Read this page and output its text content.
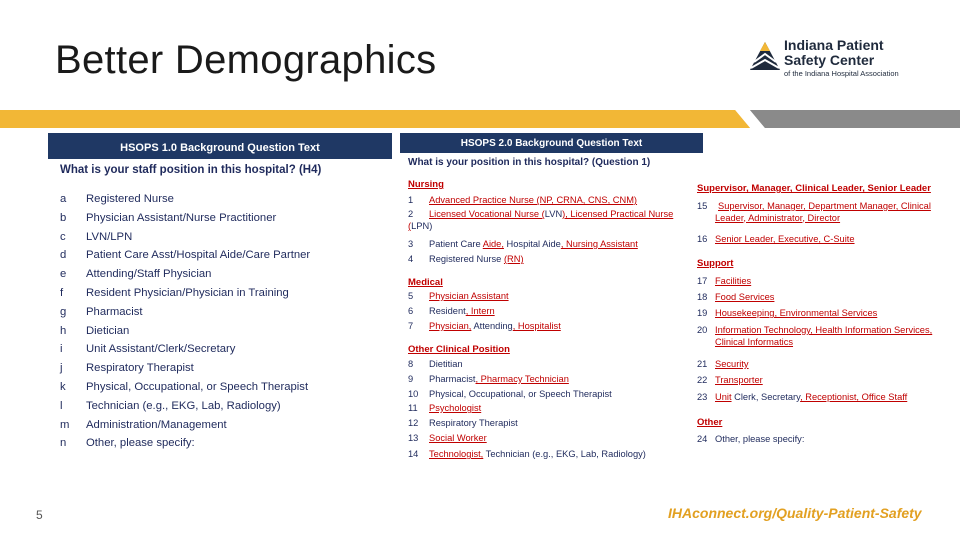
Better Demographics	Indiana Patient
Safety Center
of the Indiana Hospital Association
HSOPS 1.0 Background Question Text
What is your staff position in this hospital? (H4)
a	Registered Nurse
b	Physician Assistant/Nurse Practitioner
c	LVN/LPN
d	Patient Care Asst/Hospital Aide/Care Partner
e	Attending/Staff Physician
f	Resident Physician/Physician in Training
g	Pharmacist
h	Dietician
i	Unit Assistant/Clerk/Secretary
j	Respiratory Therapist
k	Physical, Occupational, or Speech Therapist
l	Technician (e.g., EKG, Lab, Radiology)
m	Administration/Management
n	Other, please specify:
HSOPS 2.0 Background Question Text
What is your position in this hospital? (Question 1)
Nursing
1 Advanced Practice Nurse (NP, CRNA, CNS, CNM)
2 Licensed Vocational Nurse (LVN), Licensed Practical Nurse (LPN)
3 Patient Care Aide, Hospital Aide, Nursing Assistant
4 Registered Nurse (RN)
Medical
5 Physician Assistant
6 Resident, Intern
7 Physician, Attending, Hospitalist
Other Clinical Position
8 Dietitian
9 Pharmacist, Pharmacy Technician
10 Physical, Occupational, or Speech Therapist
11 Psychologist
12 Respiratory Therapist
13 Social Worker
14 Technologist, Technician (e.g., EKG, Lab, Radiology)
Supervisor, Manager, Clinical Leader, Senior Leader
15	Supervisor, Manager, Department Manager, Clinical Leader, Administrator, Director
16 Senior Leader, Executive, C-Suite
Support
17 Facilities
18 Food Services
19 Housekeeping, Environmental Services
20 Information Technology, Health Information Services, Clinical Informatics
21 Security
22 Transporter
23 Unit Clerk, Secretary, Receptionist, Office Staff
Other
24 Other, please specify:
5	IHAconnect.org/Quality-Patient-Safety
